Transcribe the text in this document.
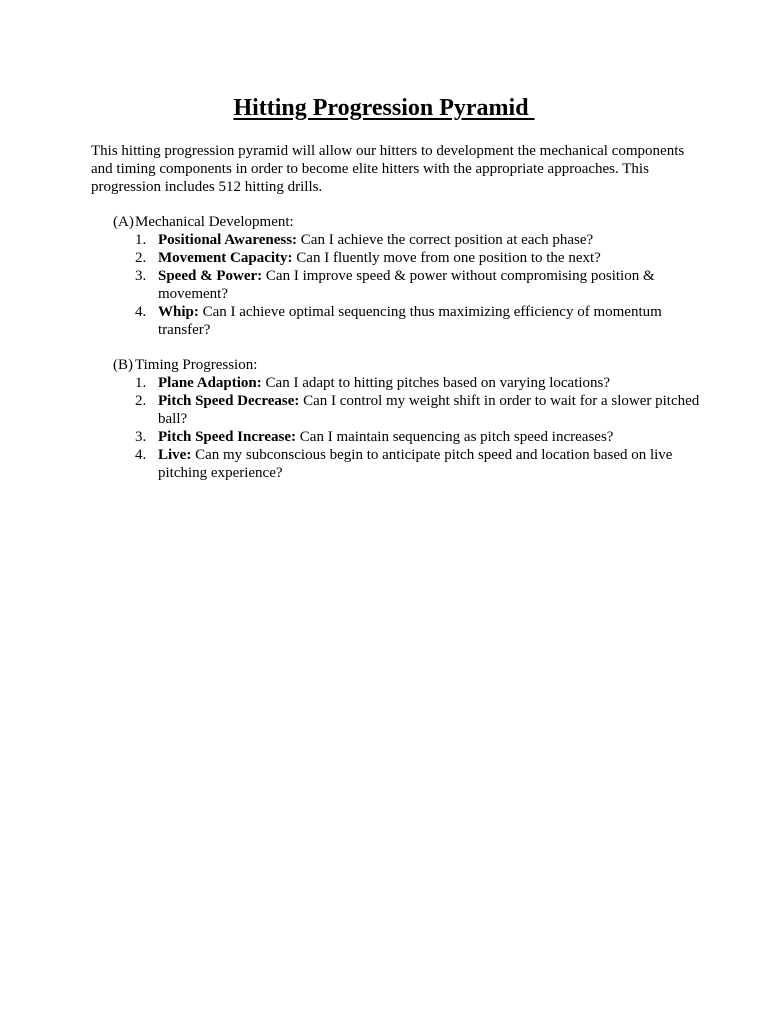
Hitting Progression Pyramid

This hitting progression pyramid will allow our hitters to development the mechanical components and timing components in order to become elite hitters with the appropriate approaches. This progression includes 512 hitting drills.

(A) Mechanical Development:
1. Positional Awareness: Can I achieve the correct position at each phase?
2. Movement Capacity: Can I fluently move from one position to the next?
3. Speed & Power: Can I improve speed & power without compromising position & movement?
4. Whip: Can I achieve optimal sequencing thus maximizing efficiency of momentum transfer?
(B) Timing Progression:
1. Plane Adaption: Can I adapt to hitting pitches based on varying locations?
2. Pitch Speed Decrease: Can I control my weight shift in order to wait for a slower pitched ball?
3. Pitch Speed Increase: Can I maintain sequencing as pitch speed increases?
4. Live: Can my subconscious begin to anticipate pitch speed and location based on live pitching experience?
